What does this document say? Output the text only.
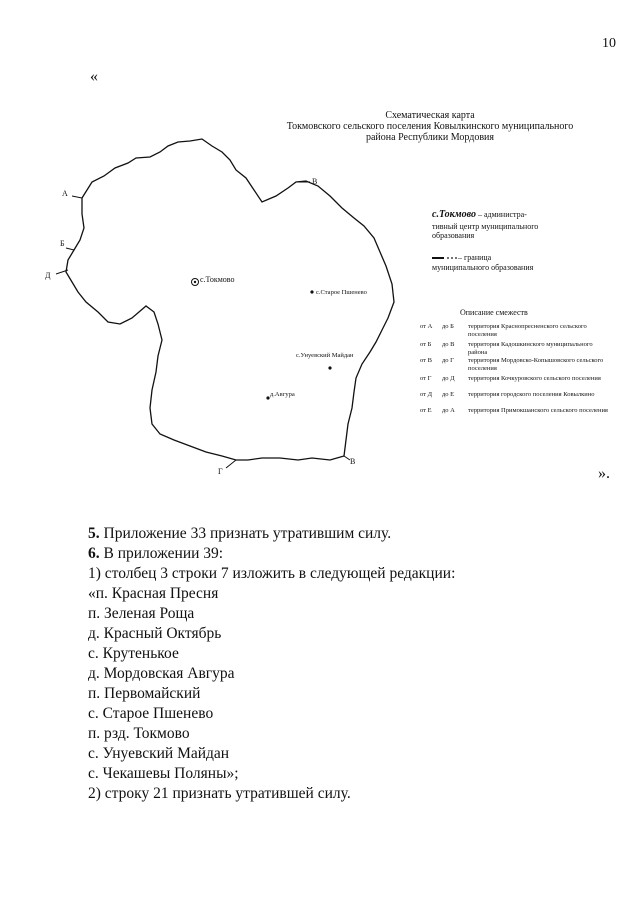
10
«
Схематическая карта
Токмовского сельского поселения Ковылкинского муниципального
района Республики Мордовия
А
Б
Д
В
Г
В
с.Токмово
с.Старое Пшенево
с.Унуевский Майдан
д.Авгура
с.Токмово – администра-
тивный центр муниципального
образования
– граница
муниципального образования
Описание смежеств
от А до Б территория Краснопресненского сельского поселения
от Б до В территория Кадошкинского муниципального района
от В до Г территория Мордовско-Копышовского сельского поселения
от Г до Д территория Кочкуровского сельского поселения
от Д до Е территория городского поселения Ковылкино
от Е до А территория Примокшанского сельского поселения
».
5. Приложение 33 признать утратившим силу.
6. В приложении 39:
1) столбец 3 строки 7 изложить в следующей редакции:
«п. Красная Пресня
п. Зеленая Роща
д. Красный Октябрь
с. Крутенькое
д. Мордовская Авгура
п. Первомайский
с. Старое Пшенево
п. рзд. Токмово
с. Унуевский Майдан
с. Чекашевы Поляны»;
2) строку 21 признать утратившей силу.
